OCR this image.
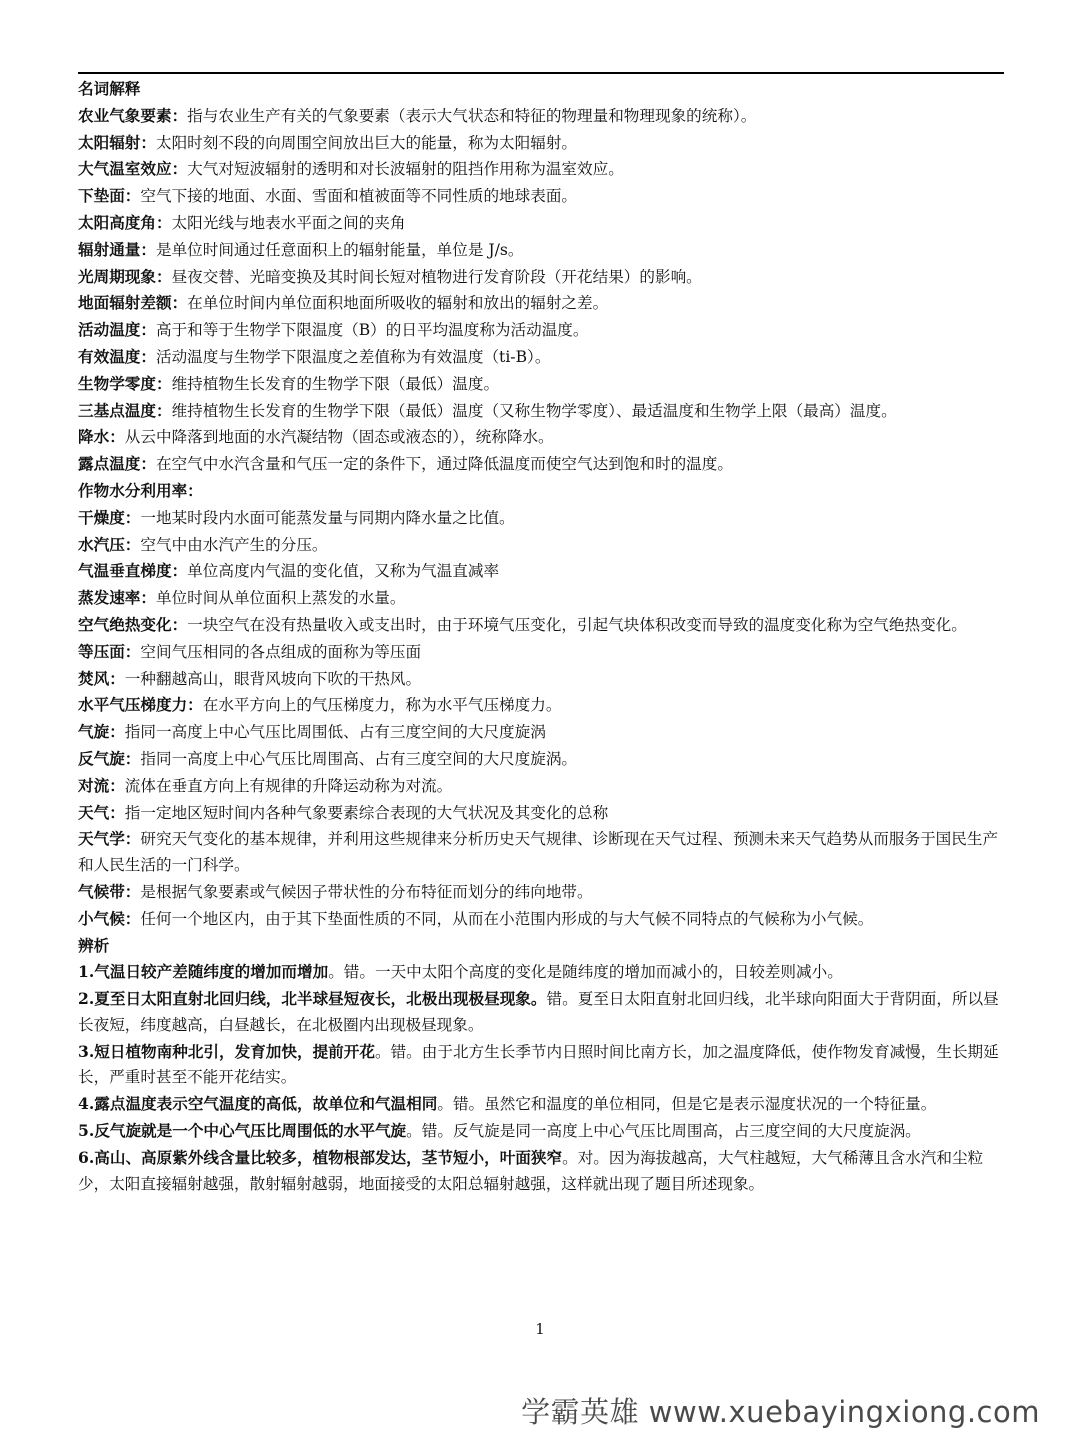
名词解释
农业气象要素：指与农业生产有关的气象要素（表示大气状态和特征的物理量和物理现象的统称）。
太阳辐射：太阳时刻不段的向周围空间放出巨大的能量，称为太阳辐射。
大气温室效应：大气对短波辐射的透明和对长波辐射的阻挡作用称为温室效应。
下垫面：空气下接的地面、水面、雪面和植被面等不同性质的地球表面。
太阳高度角：太阳光线与地表水平面之间的夹角
辐射通量：是单位时间通过任意面积上的辐射能量，单位是 J/s。
光周期现象：昼夜交替、光暗变换及其时间长短对植物进行发育阶段（开花结果）的影响。
地面辐射差额：在单位时间内单位面积地面所吸收的辐射和放出的辐射之差。
活动温度：高于和等于生物学下限温度（B）的日平均温度称为活动温度。
有效温度：活动温度与生物学下限温度之差值称为有效温度（ti-B）。
生物学零度：维持植物生长发育的生物学下限（最低）温度。
三基点温度：维持植物生长发育的生物学下限（最低）温度（又称生物学零度）、最适温度和生物学上限（最高）温度。
降水：从云中降落到地面的水汽凝结物（固态或液态的），统称降水。
露点温度：在空气中水汽含量和气压一定的条件下，通过降低温度而使空气达到饱和时的温度。
作物水分利用率：
干燥度：一地某时段内水面可能蒸发量与同期内降水量之比值。
水汽压：空气中由水汽产生的分压。
气温垂直梯度：单位高度内气温的变化值，又称为气温直减率
蒸发速率：单位时间从单位面积上蒸发的水量。
空气绝热变化：一块空气在没有热量收入或支出时，由于环境气压变化，引起气块体积改变而导致的温度变化称为空气绝热变化。
等压面：空间气压相同的各点组成的面称为等压面
焚风：一种翻越高山，眼背风坡向下吹的干热风。
水平气压梯度力：在水平方向上的气压梯度力，称为水平气压梯度力。
气旋：指同一高度上中心气压比周围低、占有三度空间的大尺度旋涡
反气旋：指同一高度上中心气压比周围高、占有三度空间的大尺度旋涡。
对流：流体在垂直方向上有规律的升降运动称为对流。
天气：指一定地区短时间内各种气象要素综合表现的大气状况及其变化的总称
天气学：研究天气变化的基本规律，并利用这些规律来分析历史天气规律、诊断现在天气过程、预测未来天气趋势从而服务于国民生产和人民生活的一门科学。
气候带：是根据气象要素或气候因子带状性的分布特征而划分的纬向地带。
小气候：任何一个地区内，由于其下垫面性质的不同，从而在小范围内形成的与大气候不同特点的气候称为小气候。
辨析
1.气温日较产差随纬度的增加而增加。错。一天中太阳个高度的变化是随纬度的增加而减小的，日较差则减小。
2.夏至日太阳直射北回归线，北半球昼短夜长，北极出现极昼现象。错。夏至日太阳直射北回归线，北半球向阳面大于背阴面，所以昼长夜短，纬度越高，白昼越长，在北极圈内出现极昼现象。
3.短日植物南种北引，发育加快，提前开花。错。由于北方生长季节内日照时间比南方长，加之温度降低，使作物发育减慢，生长期延长，严重时甚至不能开花结实。
4.露点温度表示空气温度的高低，故单位和气温相同。错。虽然它和温度的单位相同，但是它是表示湿度状况的一个特征量。
5.反气旋就是一个中心气压比周围低的水平气旋。错。反气旋是同一高度上中心气压比周围高，占三度空间的大尺度旋涡。
6.高山、高原紫外线含量比较多，植物根部发达，茎节短小，叶面狭窄。对。因为海拔越高，大气柱越短，大气稀薄且含水汽和尘粒少，太阳直接辐射越强，散射辐射越弱，地面接受的太阳总辐射越强，这样就出现了题目所述现象。
1
学霸英雄 www.xuebayingxiong.com
